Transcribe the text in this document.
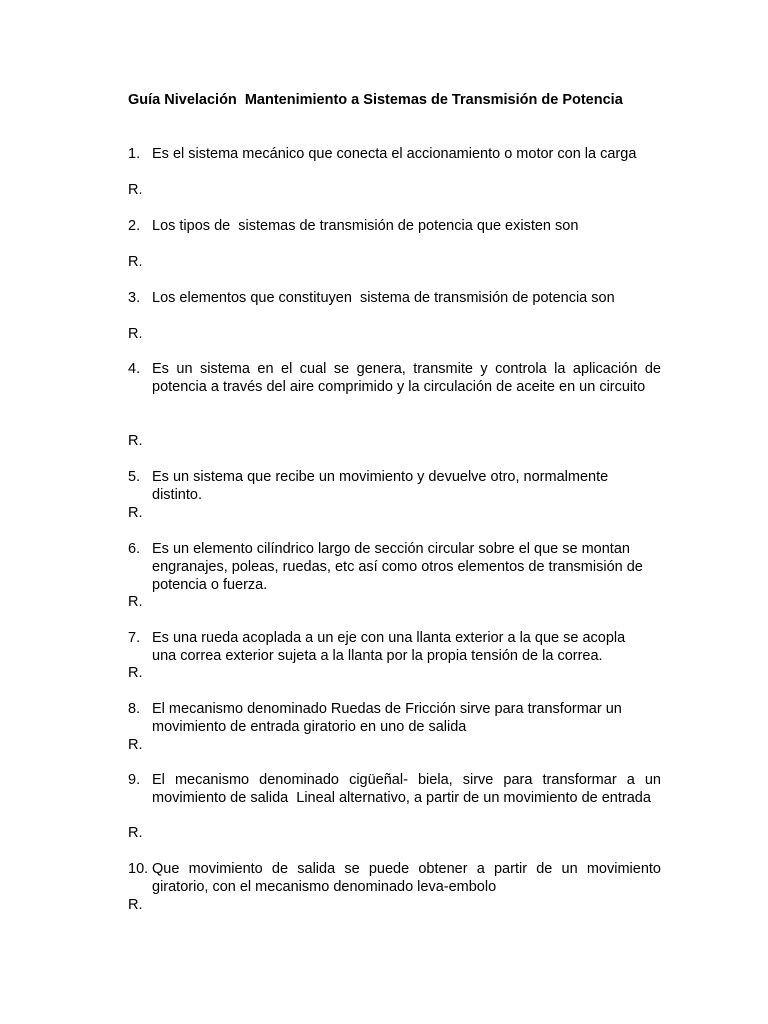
Guía Nivelación  Mantenimiento a Sistemas de Transmisión de Potencia
1. Es el sistema mecánico que conecta el accionamiento o motor con la carga
R.
2. Los tipos de  sistemas de transmisión de potencia que existen son
R.
3. Los elementos que constituyen  sistema de transmisión de potencia son
R.
4. Es un sistema en el cual se genera, transmite y controla la aplicación de potencia a través del aire comprimido y la circulación de aceite en un circuito
R.
5. Es un sistema que recibe un movimiento y devuelve otro, normalmente distinto.
R.
6. Es un elemento cilíndrico largo de sección circular sobre el que se montan engranajes, poleas, ruedas, etc así como otros elementos de transmisión de potencia o fuerza.
R.
7. Es una rueda acoplada a un eje con una llanta exterior a la que se acopla una correa exterior sujeta a la llanta por la propia tensión de la correa.
R.
8. El mecanismo denominado Ruedas de Fricción sirve para transformar un movimiento de entrada giratorio en uno de salida
R.
9. El mecanismo denominado cigüeñal- biela, sirve para transformar a un movimiento de salida  Lineal alternativo, a partir de un movimiento de entrada
R.
10. Que movimiento de salida se puede obtener a partir de un movimiento giratorio, con el mecanismo denominado leva-embolo
R.
